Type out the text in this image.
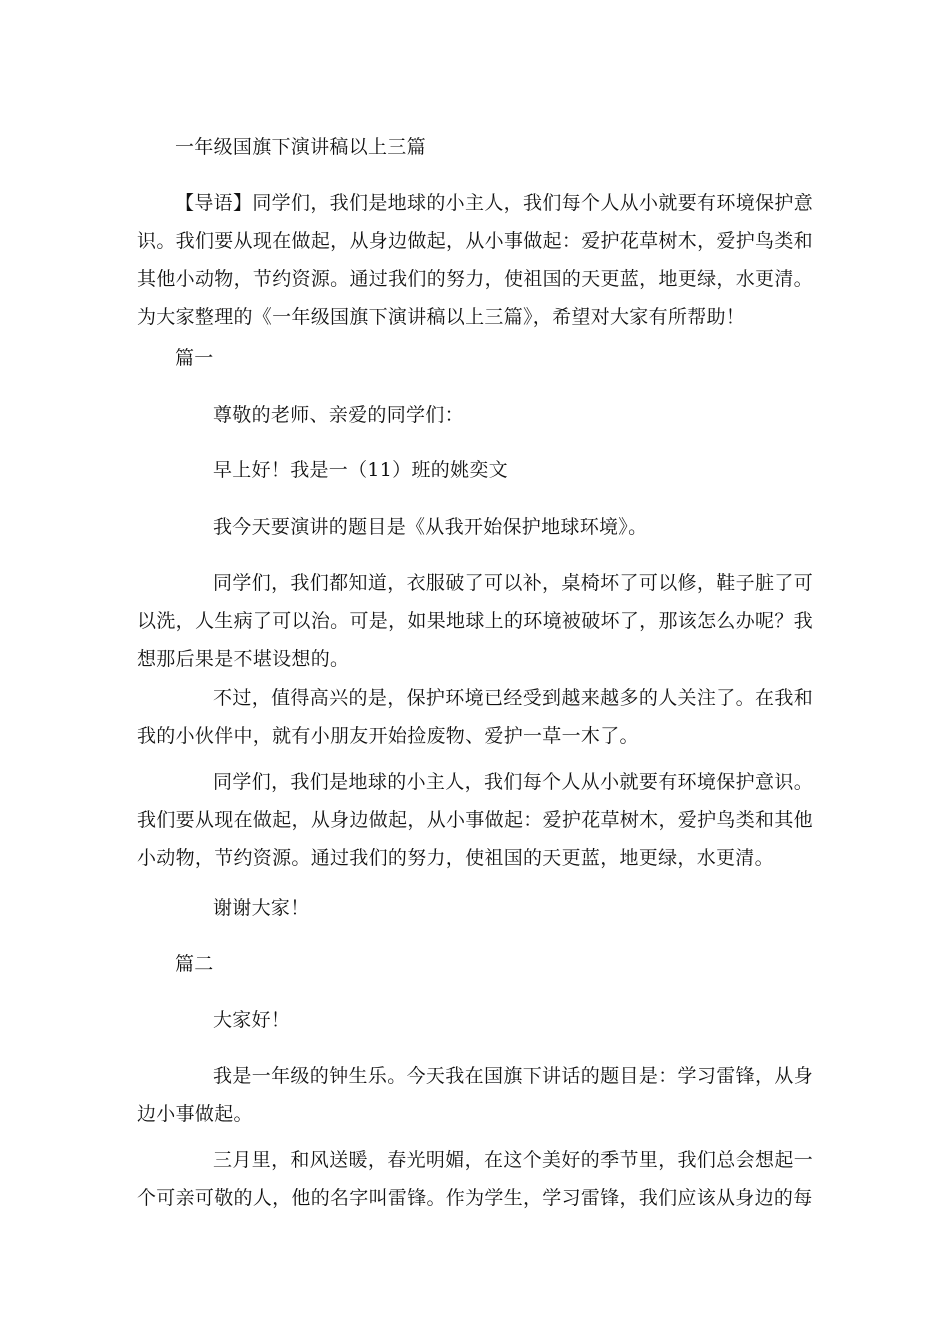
一年级国旗下演讲稿以上三篇
【导语】同学们，我们是地球的小主人，我们每个人从小就要有环境保护意识。我们要从现在做起，从身边做起，从小事做起：爱护花草树木，爱护鸟类和其他小动物，节约资源。通过我们的努力，使祖国的天更蓝，地更绿，水更清。为大家整理的《一年级国旗下演讲稿以上三篇》，希望对大家有所帮助！
篇一
尊敬的老师、亲爱的同学们：
早上好！我是一（11）班的姚奕文
我今天要演讲的题目是《从我开始保护地球环境》。
同学们，我们都知道，衣服破了可以补，桌椅坏了可以修，鞋子脏了可以洗，人生病了可以治。可是，如果地球上的环境被破坏了，那该怎么办呢？我想那后果是不堪设想的。
不过，值得高兴的是，保护环境已经受到越来越多的人关注了。在我和我的小伙伴中，就有小朋友开始捡废物、爱护一草一木了。
同学们，我们是地球的小主人，我们每个人从小就要有环境保护意识。我们要从现在做起，从身边做起，从小事做起：爱护花草树木，爱护鸟类和其他小动物，节约资源。通过我们的努力，使祖国的天更蓝，地更绿，水更清。
谢谢大家！
篇二
大家好！
我是一年级的钟生乐。今天我在国旗下讲话的题目是：学习雷锋，从身边小事做起。
三月里，和风送暖，春光明媚，在这个美好的季节里，我们总会想起一个可亲可敬的人，他的名字叫雷锋。作为学生，学习雷锋，我们应该从身边的每
